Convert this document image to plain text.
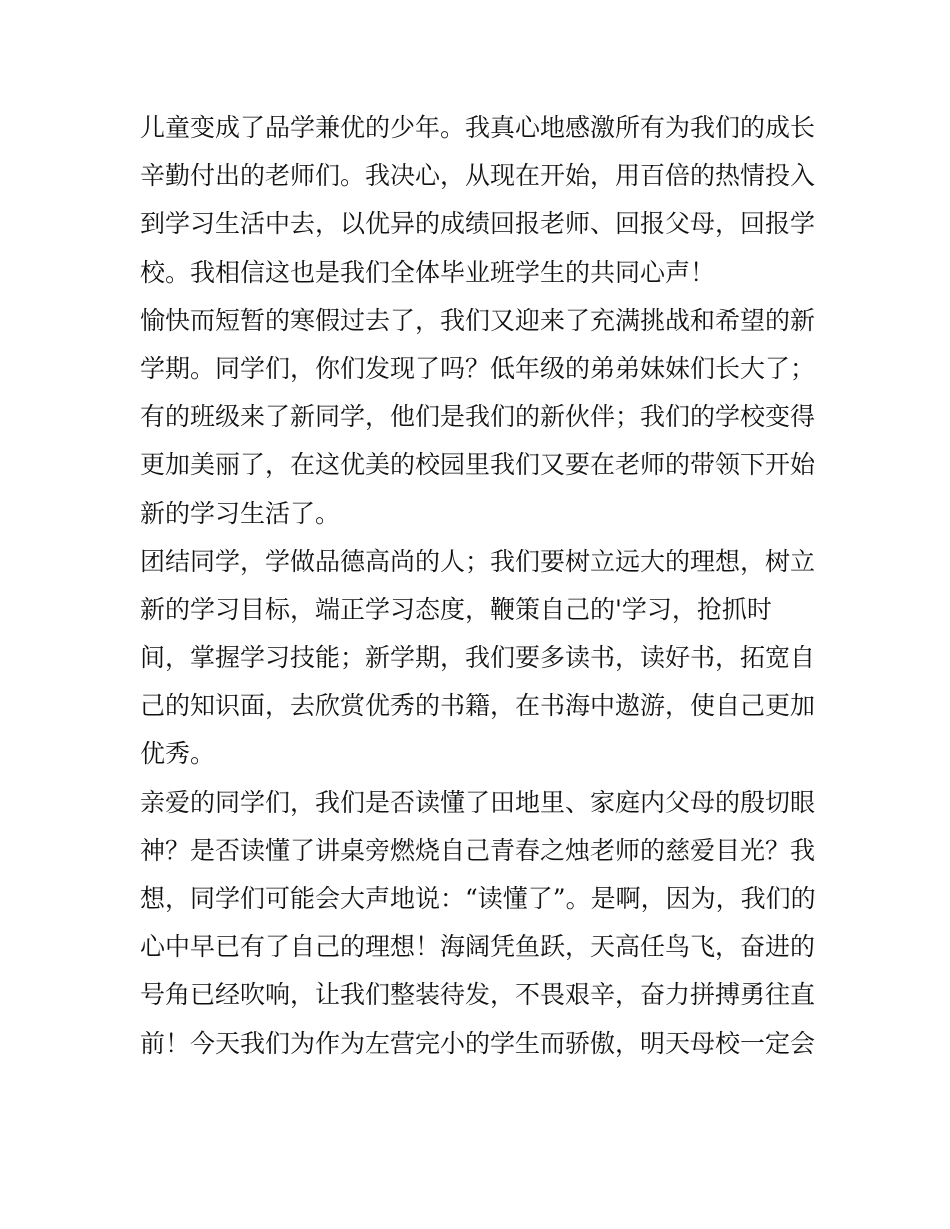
儿童变成了品学兼优的少年。我真心地感激所有为我们的成长
辛勤付出的老师们。我决心，从现在开始，用百倍的热情投入
到学习生活中去，以优异的成绩回报老师、回报父母，回报学
校。我相信这也是我们全体毕业班学生的共同心声！
愉快而短暂的寒假过去了，我们又迎来了充满挑战和希望的新
学期。同学们，你们发现了吗？低年级的弟弟妹妹们长大了；
有的班级来了新同学，他们是我们的新伙伴；我们的学校变得
更加美丽了，在这优美的校园里我们又要在老师的带领下开始
新的学习生活了。
团结同学，学做品德高尚的人；我们要树立远大的理想，树立
新的学习目标，端正学习态度，鞭策自己的'学习，抢抓时
间，掌握学习技能；新学期，我们要多读书，读好书，拓宽自
己的知识面，去欣赏优秀的书籍，在书海中遨游，使自己更加
优秀。
亲爱的同学们，我们是否读懂了田地里、家庭内父母的殷切眼
神？是否读懂了讲桌旁燃烧自己青春之烛老师的慈爱目光？我
想，同学们可能会大声地说：“读懂了”。是啊，因为，我们的
心中早已有了自己的理想！海阔凭鱼跃，天高任鸟飞，奋进的
号角已经吹响，让我们整装待发，不畏艰辛，奋力拼搏勇往直
前！今天我们为作为左营完小的学生而骄傲，明天母校一定会
